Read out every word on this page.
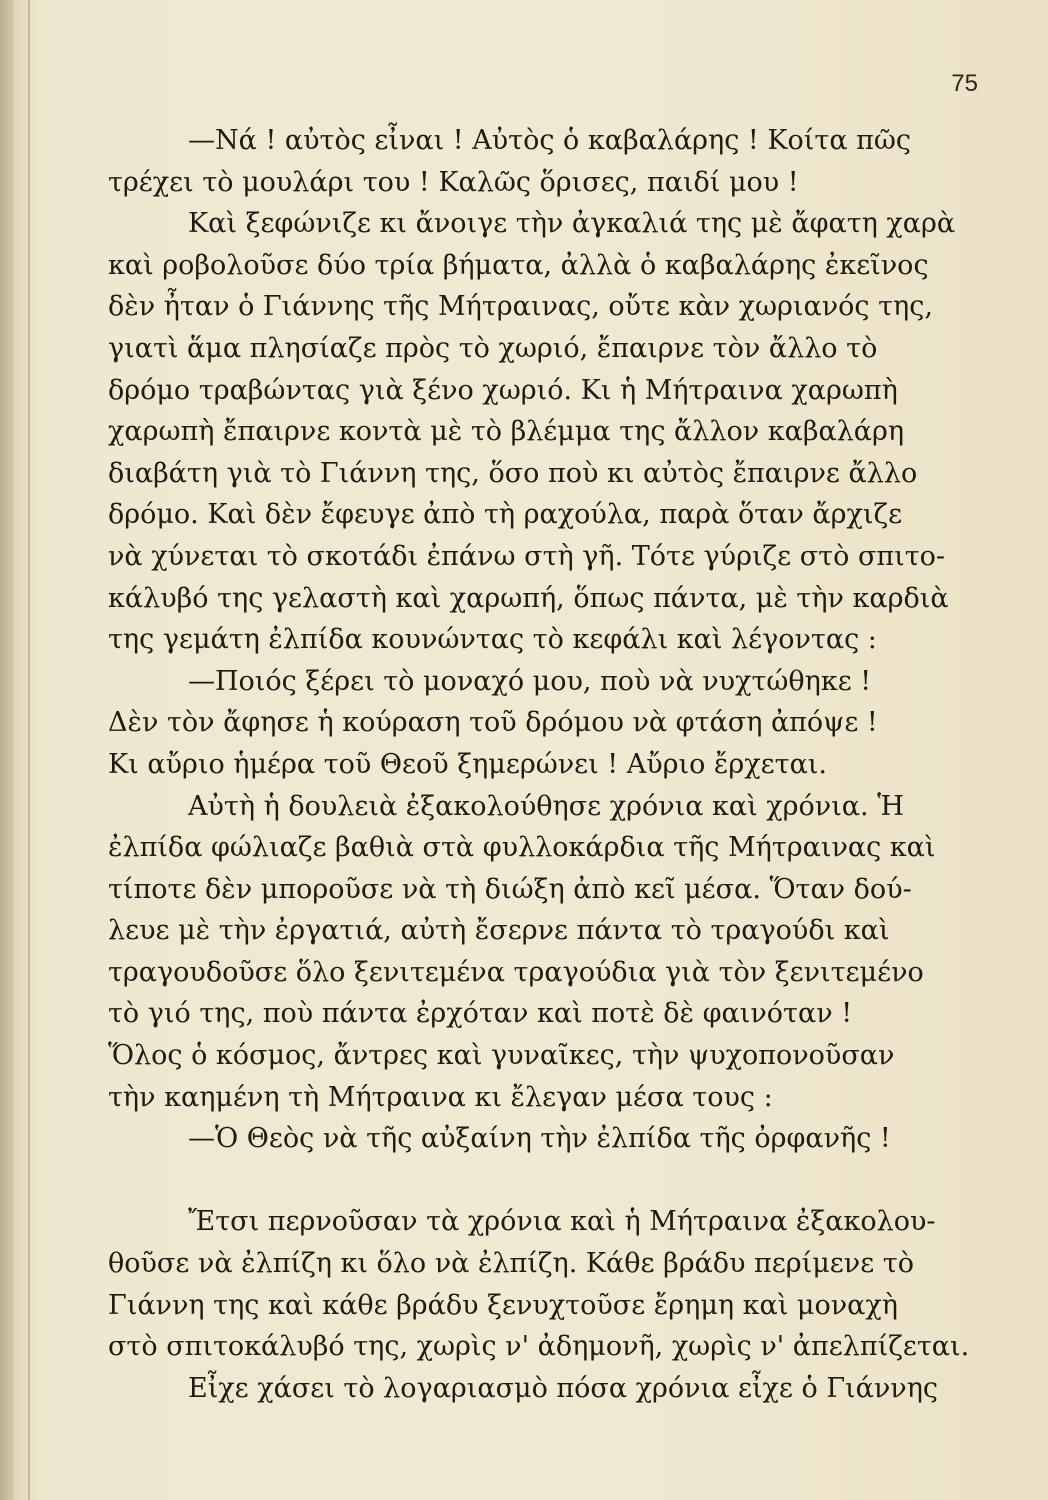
75

—Νά ! αὐτὸς εἶναι ! Αὐτὸς ὁ καβαλάρης ! Κοίτα πῶς

τρέχει τὸ μουλάρι του ! Καλῶς ὅρισες, παιδί μου !

Καὶ ξεφώνιζε κι ἄνοιγε τὴν ἀγκαλιά της μὲ ἄφατη χαρὰ

καὶ ροβολοῦσε δύο τρία βήματα, ἀλλὰ ὁ καβαλάρης ἐκεῖνος

δὲν ἦταν ὁ Γιάννης τῆς Μήτραινας, οὔτε κὰν χωριανός της,

γιατὶ ἅμα πλησίαζε πρὸς τὸ χωριό, ἔπαιρνε τὸν ἄλλο τὸ

δρόμο τραβώντας γιὰ ξένο χωριό. Κι ἡ Μήτραινα χαρωπὴ

χαρωπὴ ἔπαιρνε κοντὰ μὲ τὸ βλέμμα της ἄλλον καβαλάρη

διαβάτη γιὰ τὸ Γιάννη της, ὅσο ποὺ κι αὐτὸς ἔπαιρνε ἄλλο

δρόμο. Καὶ δὲν ἔφευγε ἀπὸ τὴ ραχούλα, παρὰ ὅταν ἄρχιζε

νὰ χύνεται τὸ σκοτάδι ἐπάνω στὴ γῆ. Τότε γύριζε στὸ σπιτο-

κάλυβό της γελαστὴ καὶ χαρωπή, ὅπως πάντα, μὲ τὴν καρδιὰ

της γεμάτη ἐλπίδα κουνώντας τὸ κεφάλι καὶ λέγοντας :

—Ποιός ξέρει τὸ μοναχό μου, ποὺ νὰ νυχτώθηκε !

Δὲν τὸν ἄφησε ἡ κούραση τοῦ δρόμου νὰ φτάση ἀπόψε !

Κι αὔριο ἡμέρα τοῦ Θεοῦ ξημερώνει ! Αὔριο ἔρχεται.

Αὐτὴ ἡ δουλειὰ ἐξακολούθησε χρόνια καὶ χρόνια. Ἡ

ἐλπίδα φώλιαζε βαθιὰ στὰ φυλλοκάρδια τῆς Μήτραινας καὶ

τίποτε δὲν μποροῦσε νὰ τὴ διώξη ἀπὸ κεῖ μέσα. Ὅταν δού-

λευε μὲ τὴν ἐργατιά, αὐτὴ ἔσερνε πάντα τὸ τραγούδι καὶ

τραγουδοῦσε ὅλο ξενιτεμένα τραγούδια γιὰ τὸν ξενιτεμένο

τὸ γιό της, ποὺ πάντα ἐρχόταν καὶ ποτὲ δὲ φαινόταν !

Ὅλος ὁ κόσμος, ἄντρες καὶ γυναῖκες, τὴν ψυχοπονοῦσαν

τὴν καημένη τὴ Μήτραινα κι ἔλεγαν μέσα τους :

—Ὁ Θεὸς νὰ τῆς αὐξαίνη τὴν ἐλπίδα τῆς ὀρφανῆς !

Ἔτσι περνοῦσαν τὰ χρόνια καὶ ἡ Μήτραινα ἐξακολου-

θοῦσε νὰ ἐλπίζη κι ὅλο νὰ ἐλπίζη. Κάθε βράδυ περίμενε τὸ

Γιάννη της καὶ κάθε βράδυ ξενυχτοῦσε ἔρημη καὶ μοναχὴ

στὸ σπιτοκάλυβό της, χωρὶς ν' ἀδημονῆ, χωρὶς ν' ἀπελπίζεται.

Εἶχε χάσει τὸ λογαριασμὸ πόσα χρόνια εἶχε ὁ Γιάννης
